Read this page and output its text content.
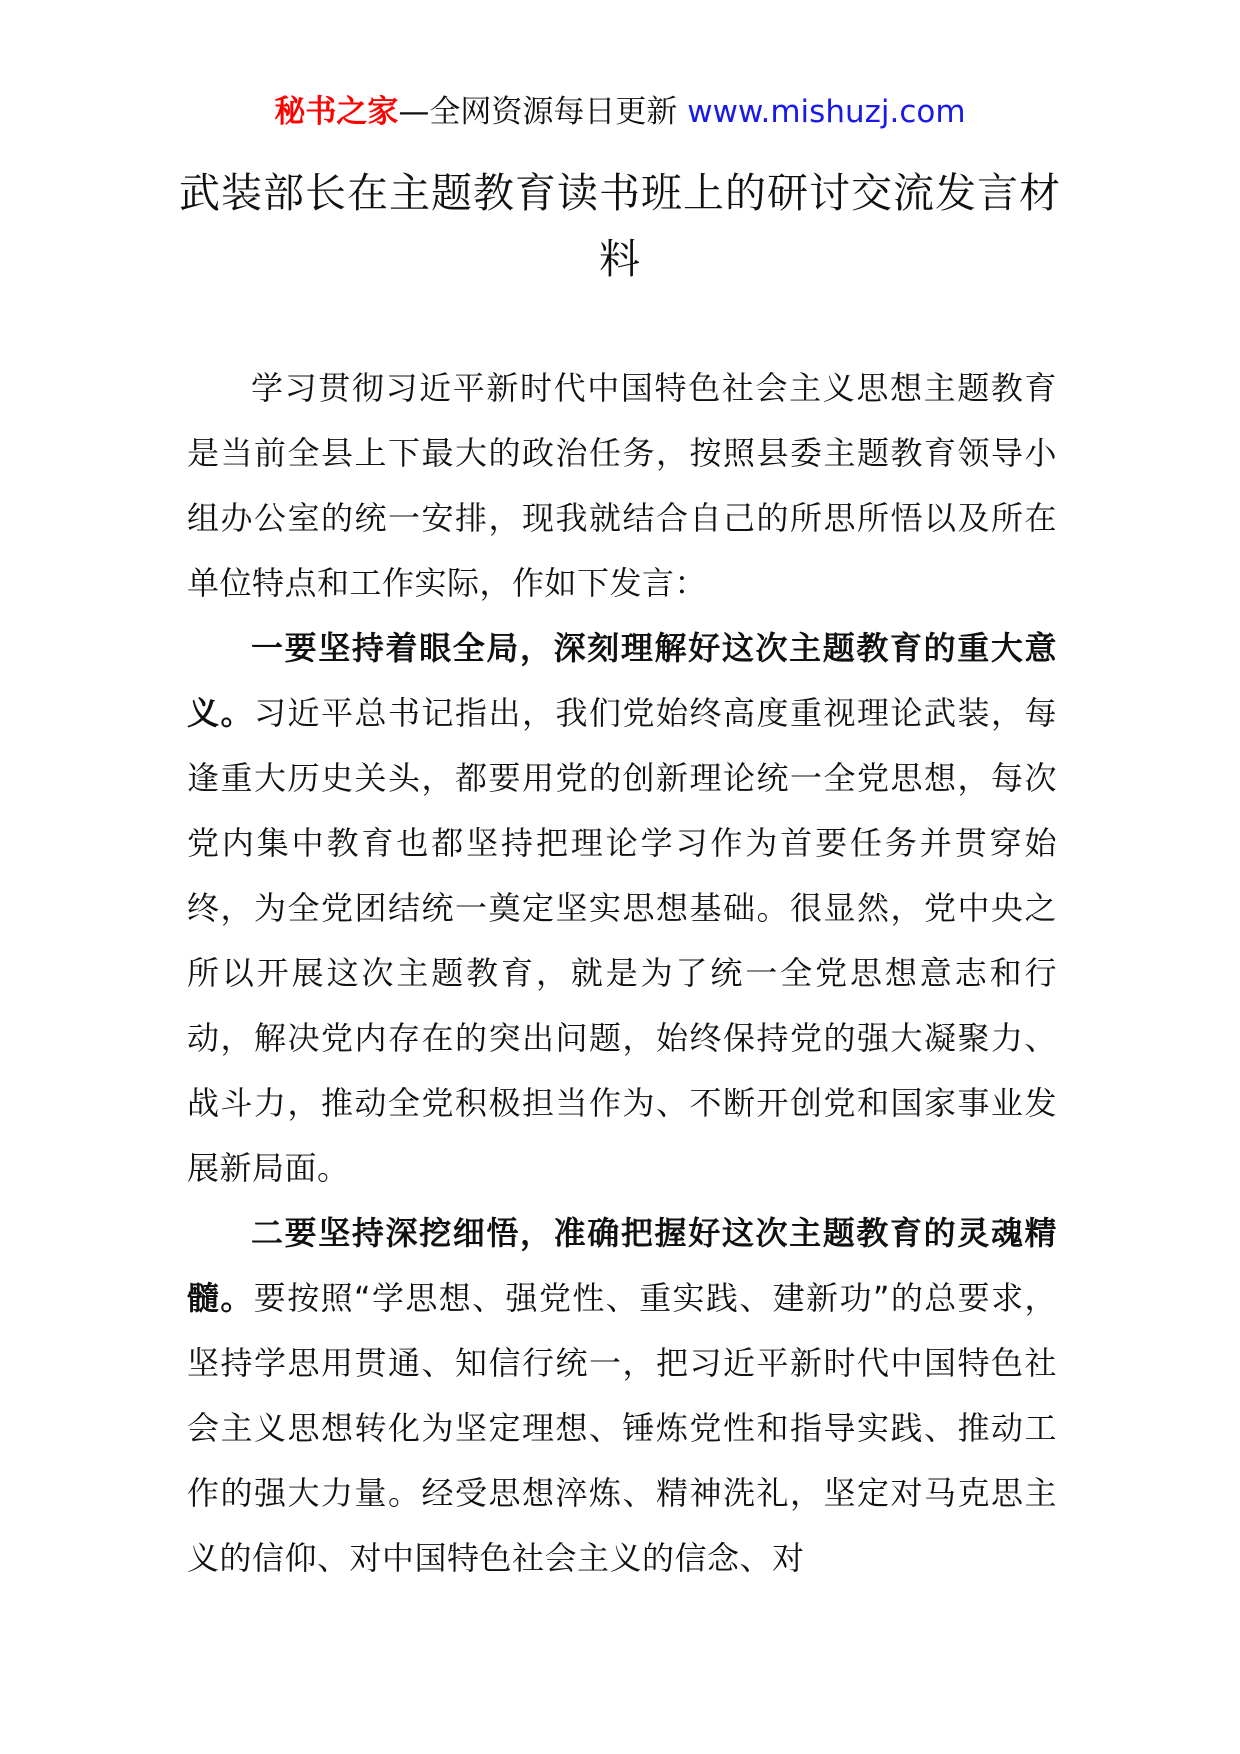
秘书之家—全网资源每日更新 www.mishuzj.com
武装部长在主题教育读书班上的研讨交流发言材料

学习贯彻习近平新时代中国特色社会主义思想主题教育是当前全县上下最大的政治任务，按照县委主题教育领导小组办公室的统一安排，现我就结合自己的所思所悟以及所在单位特点和工作实际，作如下发言：

一要坚持着眼全局，深刻理解好这次主题教育的重大意义。习近平总书记指出，我们党始终高度重视理论武装，每逢重大历史关头，都要用党的创新理论统一全党思想，每次党内集中教育也都坚持把理论学习作为首要任务并贯穿始终，为全党团结统一奠定坚实思想基础。很显然，党中央之所以开展这次主题教育，就是为了统一全党思想意志和行动，解决党内存在的突出问题，始终保持党的强大凝聚力、战斗力，推动全党积极担当作为、不断开创党和国家事业发展新局面。

二要坚持深挖细悟，准确把握好这次主题教育的灵魂精髓。要按照“学思想、强党性、重实践、建新功”的总要求，坚持学思用贯通、知信行统一，把习近平新时代中国特色社会主义思想转化为坚定理想、锤炼党性和指导实践、推动工作的强大力量。经受思想淬炼、精神洗礼，坚定对马克思主义的信仰、对中国特色社会主义的信念、对
